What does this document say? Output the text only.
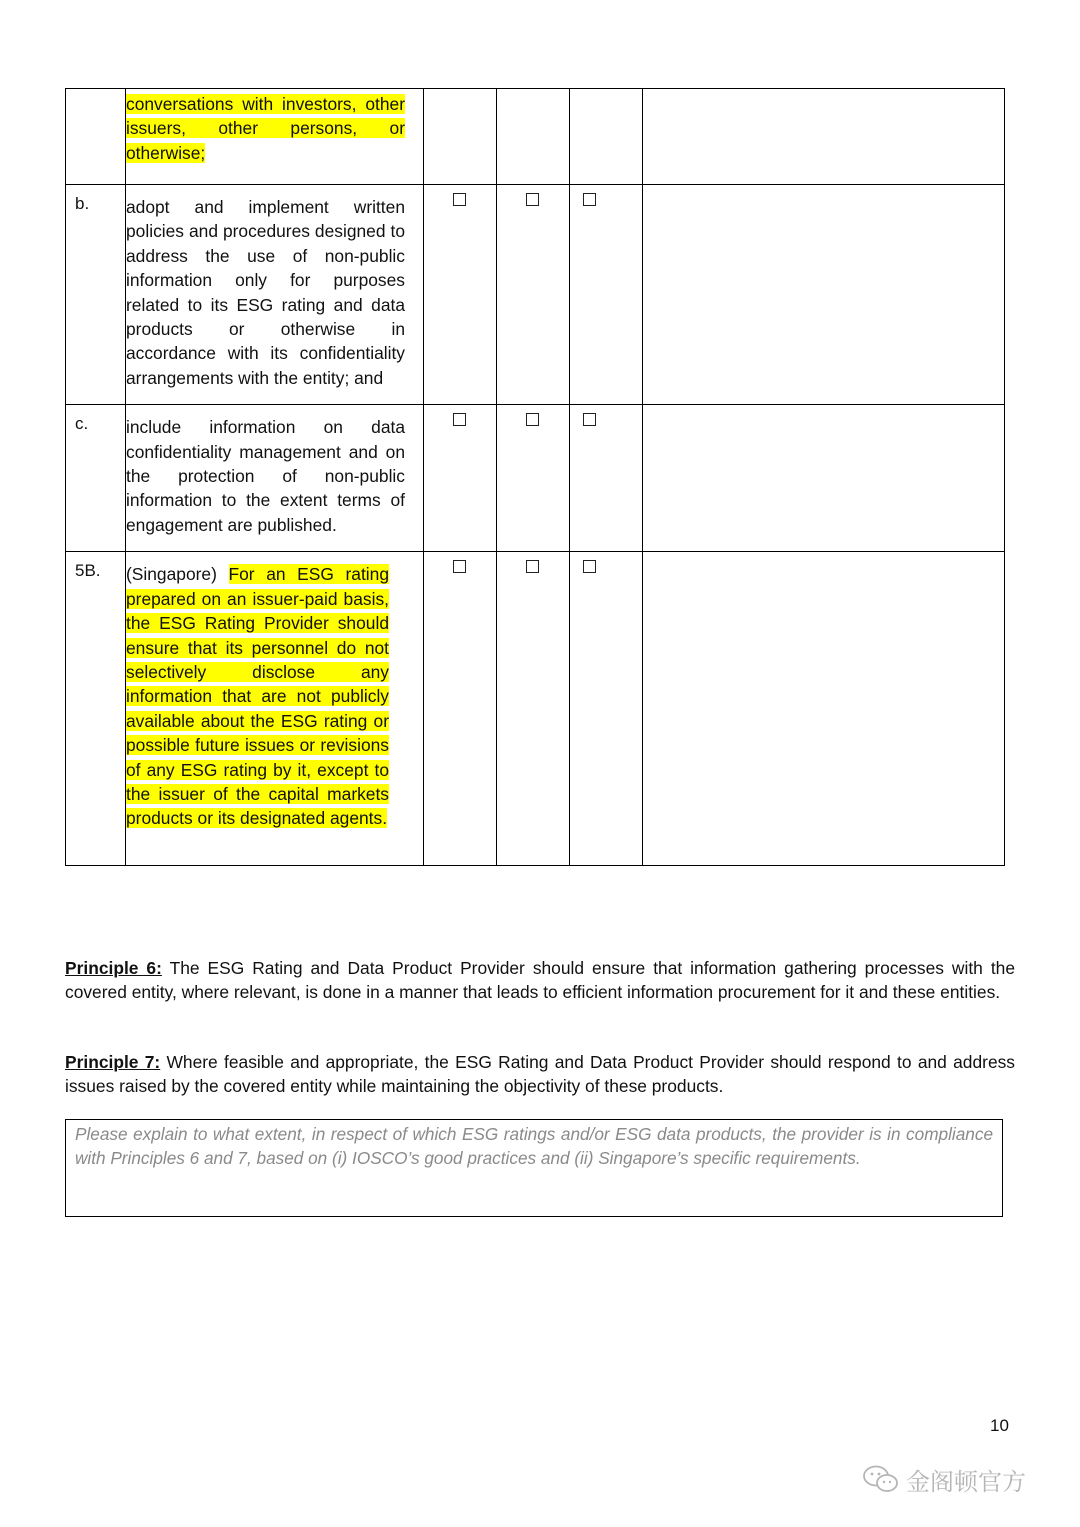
	conversations with investors, other issuers, other persons, or otherwise;				
b.	adopt and implement written policies and procedures designed to address the use of non-public information only for purposes related to its ESG rating and data products or otherwise in accordance with its confidentiality arrangements with the entity; and	

c.	include information on data confidentiality management and on the protection of non-public information to the extent terms of engagement are published.	

5B.	(Singapore) For an ESG rating prepared on an issuer-paid basis, the ESG Rating Provider should ensure that its personnel do not selectively disclose any information that are not publicly available about the ESG rating or possible future issues or revisions of any ESG rating by it, except to the issuer of the capital markets products or its designated agents.	

Principle 6: The ESG Rating and Data Product Provider should ensure that information gathering processes with the covered entity, where relevant, is done in a manner that leads to efficient information procurement for it and these entities.

Principle 7: Where feasible and appropriate, the ESG Rating and Data Product Provider should respond to and address issues raised by the covered entity while maintaining the objectivity of these products.

Please explain to what extent, in respect of which ESG ratings and/or ESG data products, the provider is in compliance with Principles 6 and 7, based on (i) IOSCO’s good practices and (ii) Singapore’s specific requirements.
10
金阁顿官方
